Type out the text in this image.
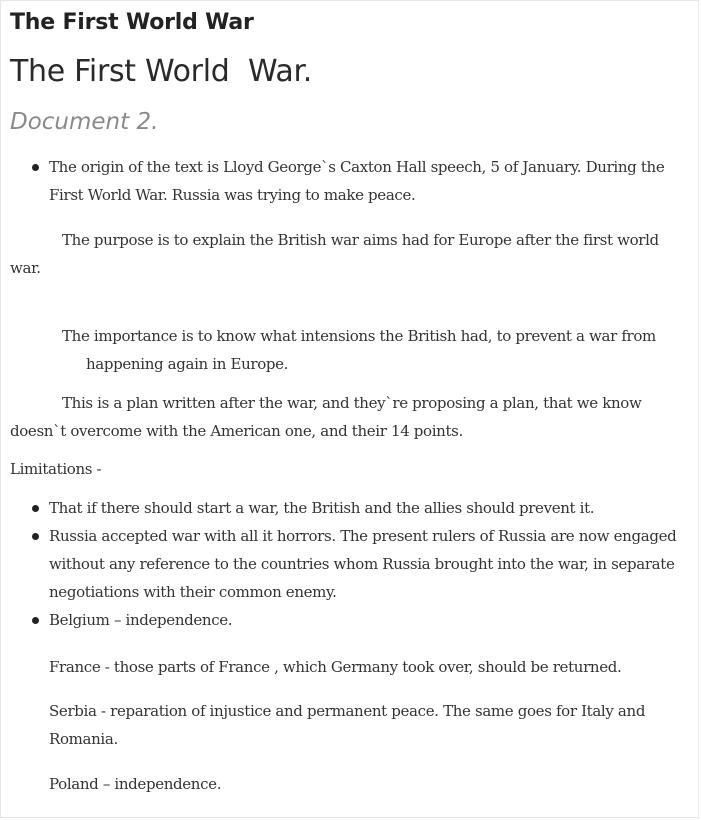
The First World War
The First World  War.
Document 2.
The origin of the text is Lloyd George`s Caxton Hall speech, 5 of January. During the First World War. Russia was trying to make peace.
The purpose is to explain the British war aims had for Europe after the first world
war.
The importance is to know what intensions the British had, to prevent a war from
happening again in Europe.
This is a plan written after the war, and they`re proposing a plan, that we know
doesn`t overcome with the American one, and their 14 points.
Limitations -
That if there should start a war, the British and the allies should prevent it.
Russia accepted war with all it horrors. The present rulers of Russia are now engaged without any reference to the countries whom Russia brought into the war, in separate negotiations with their common enemy.
Belgium – independence.
France - those parts of France , which Germany took over, should be returned.
Serbia - reparation of injustice and permanent peace. The same goes for Italy and Romania.
Poland – independence.
